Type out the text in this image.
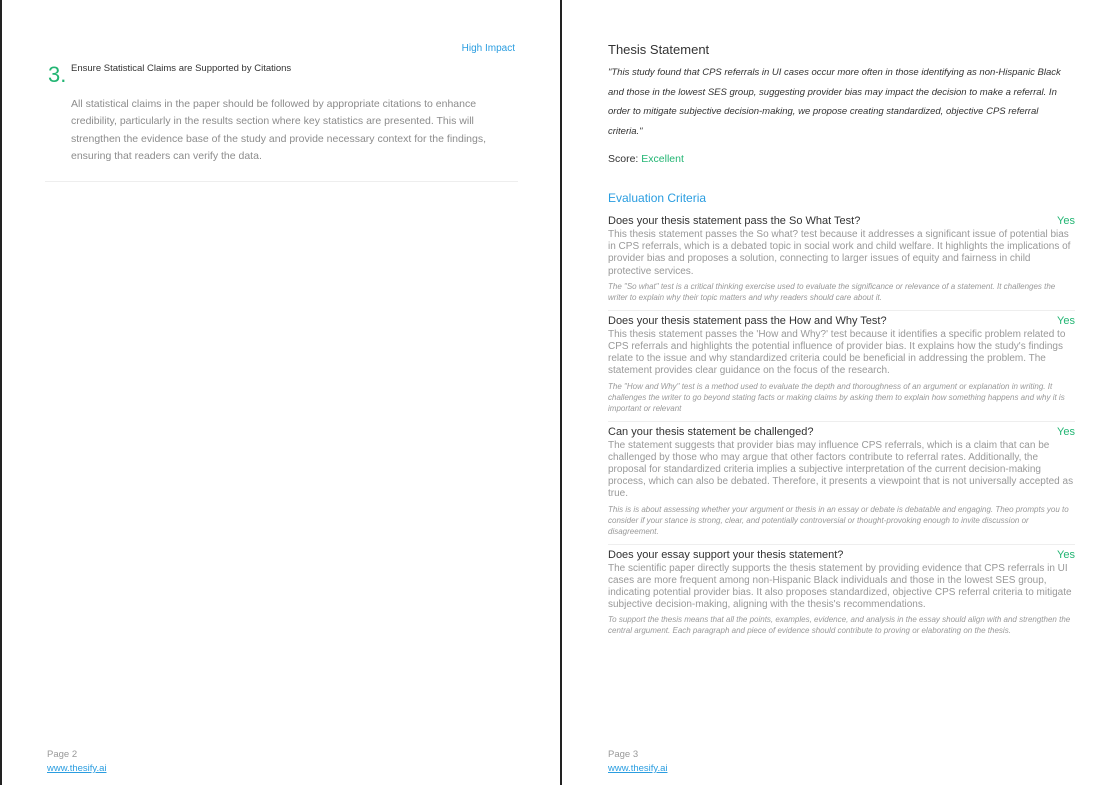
High Impact
3. Ensure Statistical Claims are Supported by Citations
All statistical claims in the paper should be followed by appropriate citations to enhance credibility, particularly in the results section where key statistics are presented. This will strengthen the evidence base of the study and provide necessary context for the findings, ensuring that readers can verify the data.
Page 2
www.thesify.ai
Thesis Statement
"This study found that CPS referrals in UI cases occur more often in those identifying as non-Hispanic Black and those in the lowest SES group, suggesting provider bias may impact the decision to make a referral. In order to mitigate subjective decision-making, we propose creating standardized, objective CPS referral criteria."
Score: Excellent
Evaluation Criteria
Does your thesis statement pass the So What Test?	Yes
This thesis statement passes the So what? test because it addresses a significant issue of potential bias in CPS referrals, which is a debated topic in social work and child welfare. It highlights the implications of provider bias and proposes a solution, connecting to larger issues of equity and fairness in child protective services.
The "So what" test is a critical thinking exercise used to evaluate the significance or relevance of a statement. It challenges the writer to explain why their topic matters and why readers should care about it.
Does your thesis statement pass the How and Why Test?	Yes
This thesis statement passes the 'How and Why?' test because it identifies a specific problem related to CPS referrals and highlights the potential influence of provider bias. It explains how the study's findings relate to the issue and why standardized criteria could be beneficial in addressing the problem. The statement provides clear guidance on the focus of the research.
The "How and Why" test is a method used to evaluate the depth and thoroughness of an argument or explanation in writing. It challenges the writer to go beyond stating facts or making claims by asking them to explain how something happens and why it is important or relevant
Can your thesis statement be challenged?	Yes
The statement suggests that provider bias may influence CPS referrals, which is a claim that can be challenged by those who may argue that other factors contribute to referral rates. Additionally, the proposal for standardized criteria implies a subjective interpretation of the current decision-making process, which can also be debated. Therefore, it presents a viewpoint that is not universally accepted as true.
This is is about assessing whether your argument or thesis in an essay or debate is debatable and engaging. Theo prompts you to consider if your stance is strong, clear, and potentially controversial or thought-provoking enough to invite discussion or disagreement.
Does your essay support your thesis statement?	Yes
The scientific paper directly supports the thesis statement by providing evidence that CPS referrals in UI cases are more frequent among non-Hispanic Black individuals and those in the lowest SES group, indicating potential provider bias. It also proposes standardized, objective CPS referral criteria to mitigate subjective decision-making, aligning with the thesis's recommendations.
To support the thesis means that all the points, examples, evidence, and analysis in the essay should align with and strengthen the central argument. Each paragraph and piece of evidence should contribute to proving or elaborating on the thesis.
Page 3
www.thesify.ai
